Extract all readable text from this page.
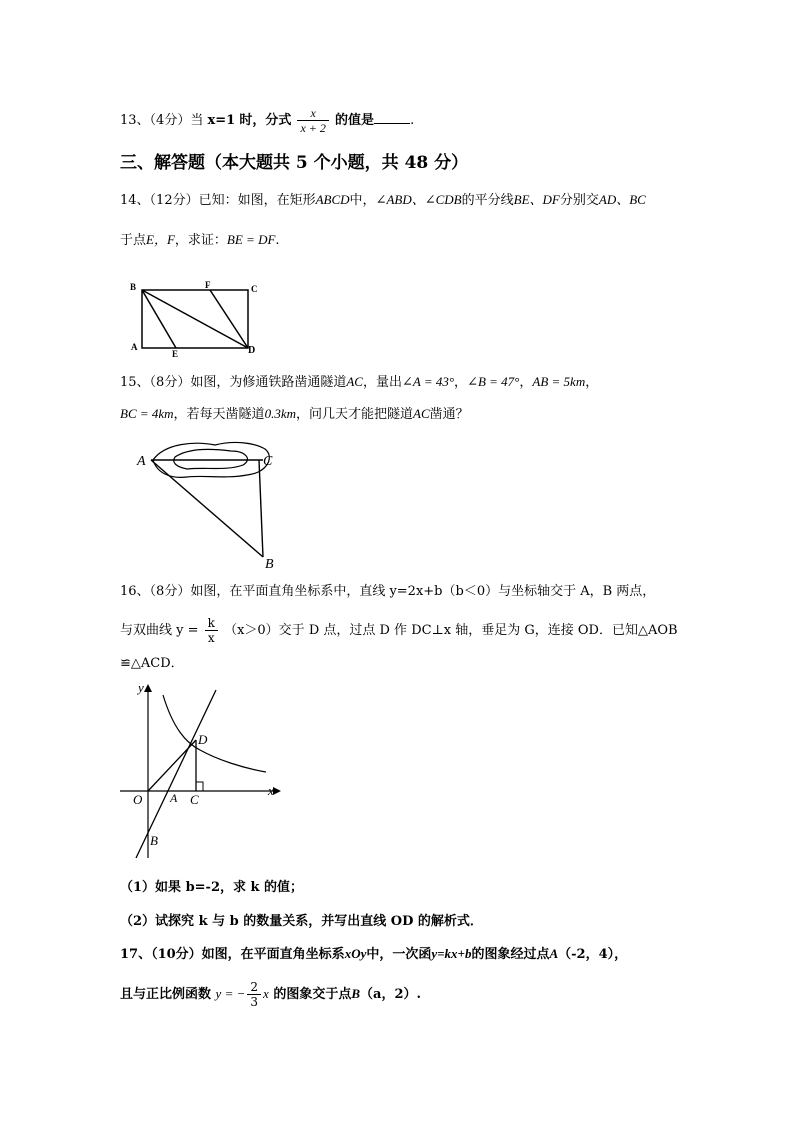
13、（4分）当 x=1 时，分式 $\frac{x}{x + 2}$ 的值是	.
三、解答题（本大题共 5 个小题，共 48 分）
14、（12分）已知：如图，在矩形ABCD中，∠ABD、∠CDB的平分线BE、DF分别交AD、BC
于点E，F，求证：BE = DF.
B	F	C
A
E	D
15、（8分）如图，为修通铁路凿通隧道AC，量出∠A = 43°，∠B = 47°，AB = 5km，
BC = 4km，若每天凿隧道0.3km，问几天才能把隧道AC凿通？
A	C
B
16、（8分）如图，在平面直角坐标系中，直线 y=2x+b（b＜0）与坐标轴交于 A，B 两点，
与双曲线 $y = \frac{k}{x} (x>0)$交于 D 点，过点 D 作 DC⊥x 轴，垂足为 G，连接 OD．已知△AOB
≌△ACD．
y
x
O A C
D
B
（1）如果 b=-2，求 k 的值；
（2）试探究 k 与 b 的数量关系，并写出直线 OD 的解析式．
17、（10分）如图，在平面直角坐标系xOy中，一次函y=kx+b的图象经过点A（-2，4），
且与正比例函数 y = − $\frac{2}{3}$ x 的图象交于点B（a，2）.
